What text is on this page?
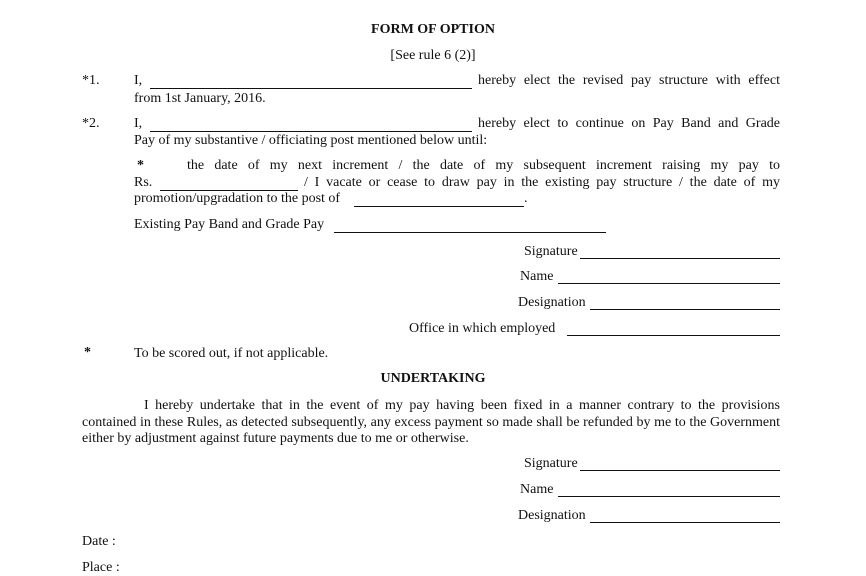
FORM OF OPTION
[See rule 6 (2)]
*1. I,	hereby elect the revised pay structure with effect
from 1st January, 2016.
*2. I,	hereby elect to continue on Pay Band and Grade
Pay of my substantive / officiating post mentioned below until:
*	the date of my next increment / the date of my subsequent increment raising my pay to
Rs.	/ I vacate or cease to draw pay in the existing pay structure / the date of my
promotion/upgradation to the post of	.
Existing Pay Band and Grade Pay
Signature
Name
Designation
Office in which employed
*	To be scored out, if not applicable.
UNDERTAKING
I hereby undertake that in the event of my pay having been fixed in a manner contrary to the provisions contained in these Rules, as detected subsequently, any excess payment so made shall be refunded by me to the Government either by adjustment against future payments due to me or otherwise.
Signature
Name
Designation
Date :
Place :
